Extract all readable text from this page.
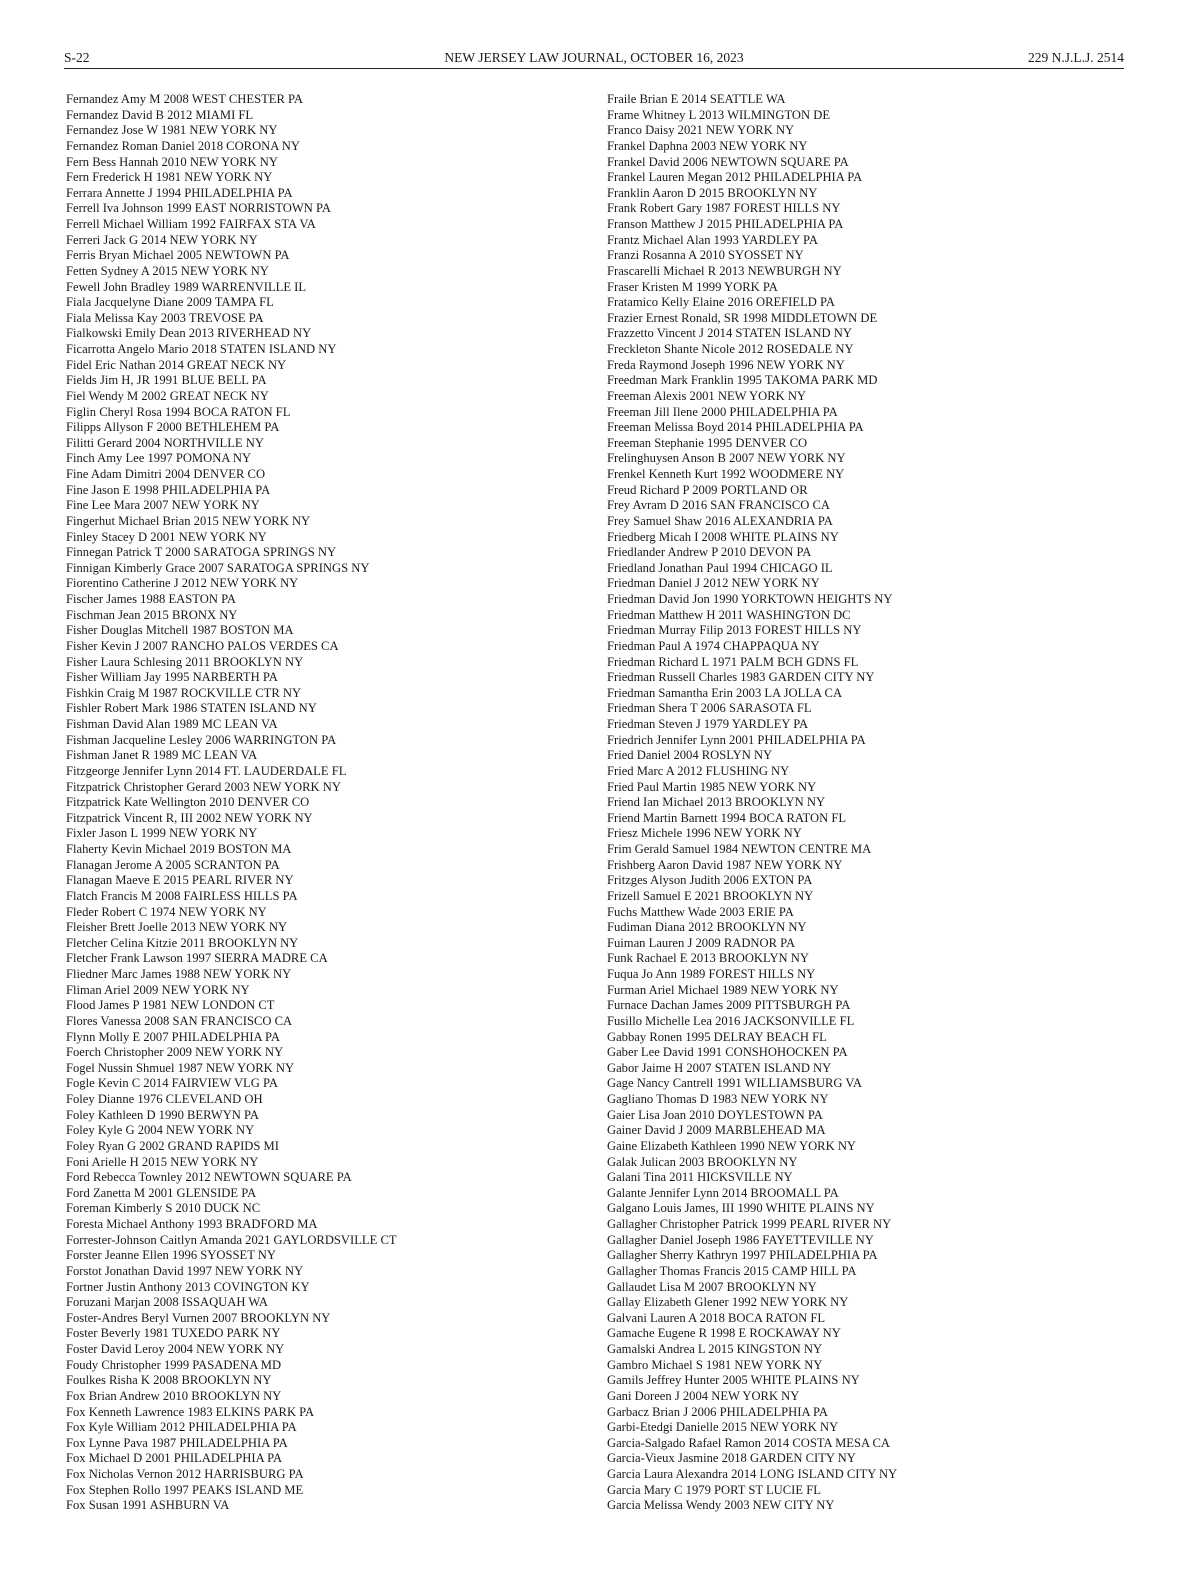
NEW JERSEY LAW JOURNAL, OCTOBER 16, 2023
S-22	229 N.J.L.J. 2514
Fernandez Amy M 2008 WEST CHESTER PA
Fernandez David B 2012 MIAMI FL
Fernandez Jose W 1981 NEW YORK NY
Fernandez Roman Daniel 2018 CORONA NY
Fern Bess Hannah 2010 NEW YORK NY
Fern Frederick H 1981 NEW YORK NY
Ferrara Annette J 1994 PHILADELPHIA PA
Ferrell Iva Johnson 1999 EAST NORRISTOWN PA
Ferrell Michael William 1992 FAIRFAX STA VA
Ferreri Jack G 2014 NEW YORK NY
Ferris Bryan Michael 2005 NEWTOWN PA
Fetten Sydney A 2015 NEW YORK NY
Fewell John Bradley 1989 WARRENVILLE IL
Fiala Jacquelyne Diane 2009 TAMPA FL
Fiala Melissa Kay 2003 TREVOSE PA
Fialkowski Emily Dean 2013 RIVERHEAD NY
Ficarrotta Angelo Mario 2018 STATEN ISLAND NY
Fidel Eric Nathan 2014 GREAT NECK NY
Fields Jim H, JR 1991 BLUE BELL PA
Fiel Wendy M 2002 GREAT NECK NY
Figlin Cheryl Rosa 1994 BOCA RATON FL
Filipps Allyson F 2000 BETHLEHEM PA
Filitti Gerard 2004 NORTHVILLE NY
Finch Amy Lee 1997 POMONA NY
Fine Adam Dimitri 2004 DENVER CO
Fine Jason E 1998 PHILADELPHIA PA
Fine Lee Mara 2007 NEW YORK NY
Fingerhut Michael Brian 2015 NEW YORK NY
Finley Stacey D 2001 NEW YORK NY
Finnegan Patrick T 2000 SARATOGA SPRINGS NY
Finnigan Kimberly Grace 2007 SARATOGA SPRINGS NY
Fiorentino Catherine J 2012 NEW YORK NY
Fischer James 1988 EASTON PA
Fischman Jean 2015 BRONX NY
Fisher Douglas Mitchell 1987 BOSTON MA
Fisher Kevin J 2007 RANCHO PALOS VERDES CA
Fisher Laura Schlesing 2011 BROOKLYN NY
Fisher William Jay 1995 NARBERTH PA
Fishkin Craig M 1987 ROCKVILLE CTR NY
Fishler Robert Mark 1986 STATEN ISLAND NY
Fishman David Alan 1989 MC LEAN VA
Fishman Jacqueline Lesley 2006 WARRINGTON PA
Fishman Janet R 1989 MC LEAN VA
Fitzgeorge Jennifer Lynn 2014 FT. LAUDERDALE FL
Fitzpatrick Christopher Gerard 2003 NEW YORK NY
Fitzpatrick Kate Wellington 2010 DENVER CO
Fitzpatrick Vincent R, III 2002 NEW YORK NY
Fixler Jason L 1999 NEW YORK NY
Flaherty Kevin Michael 2019 BOSTON MA
Flanagan Jerome A 2005 SCRANTON PA
Flanagan Maeve E 2015 PEARL RIVER NY
Flatch Francis M 2008 FAIRLESS HILLS PA
Fleder Robert C 1974 NEW YORK NY
Fleisher Brett Joelle 2013 NEW YORK NY
Fletcher Celina Kitzie 2011 BROOKLYN NY
Fletcher Frank Lawson 1997 SIERRA MADRE CA
Fliedner Marc James 1988 NEW YORK NY
Fliman Ariel 2009 NEW YORK NY
Flood James P 1981 NEW LONDON CT
Flores Vanessa 2008 SAN FRANCISCO CA
Flynn Molly E 2007 PHILADELPHIA PA
Foerch Christopher 2009 NEW YORK NY
Fogel Nussin Shmuel 1987 NEW YORK NY
Fogle Kevin C 2014 FAIRVIEW VLG PA
Foley Dianne 1976 CLEVELAND OH
Foley Kathleen D 1990 BERWYN PA
Foley Kyle G 2004 NEW YORK NY
Foley Ryan G 2002 GRAND RAPIDS MI
Foni Arielle H 2015 NEW YORK NY
Ford Rebecca Townley 2012 NEWTOWN SQUARE PA
Ford Zanetta M 2001 GLENSIDE PA
Foreman Kimberly S 2010 DUCK NC
Foresta Michael Anthony 1993 BRADFORD MA
Forrester-Johnson Caitlyn Amanda 2021 GAYLORDSVILLE CT
Forster Jeanne Ellen 1996 SYOSSET NY
Forstot Jonathan David 1997 NEW YORK NY
Fortner Justin Anthony 2013 COVINGTON KY
Foruzani Marjan 2008 ISSAQUAH WA
Foster-Andres Beryl Vurnen 2007 BROOKLYN NY
Foster Beverly 1981 TUXEDO PARK NY
Foster David Leroy 2004 NEW YORK NY
Foudy Christopher 1999 PASADENA MD
Foulkes Risha K 2008 BROOKLYN NY
Fox Brian Andrew 2010 BROOKLYN NY
Fox Kenneth Lawrence 1983 ELKINS PARK PA
Fox Kyle William 2012 PHILADELPHIA PA
Fox Lynne Pava 1987 PHILADELPHIA PA
Fox Michael D 2001 PHILADELPHIA PA
Fox Nicholas Vernon 2012 HARRISBURG PA
Fox Stephen Rollo 1997 PEAKS ISLAND ME
Fox Susan 1991 ASHBURN VA
Fraile Brian E 2014 SEATTLE WA
Frame Whitney L 2013 WILMINGTON DE
Franco Daisy 2021 NEW YORK NY
Frankel Daphna 2003 NEW YORK NY
Frankel David 2006 NEWTOWN SQUARE PA
Frankel Lauren Megan 2012 PHILADELPHIA PA
Franklin Aaron D 2015 BROOKLYN NY
Frank Robert Gary 1987 FOREST HILLS NY
Franson Matthew J 2015 PHILADELPHIA PA
Frantz Michael Alan 1993 YARDLEY PA
Franzi Rosanna A 2010 SYOSSET NY
Frascarelli Michael R 2013 NEWBURGH NY
Fraser Kristen M 1999 YORK PA
Fratamico Kelly Elaine 2016 OREFIELD PA
Frazier Ernest Ronald, SR 1998 MIDDLETOWN DE
Frazzetto Vincent J 2014 STATEN ISLAND NY
Freckleton Shante Nicole 2012 ROSEDALE NY
Freda Raymond Joseph 1996 NEW YORK NY
Freedman Mark Franklin 1995 TAKOMA PARK MD
Freeman Alexis 2001 NEW YORK NY
Freeman Jill Ilene 2000 PHILADELPHIA PA
Freeman Melissa Boyd 2014 PHILADELPHIA PA
Freeman Stephanie 1995 DENVER CO
Frelinghuysen Anson B 2007 NEW YORK NY
Frenkel Kenneth Kurt 1992 WOODMERE NY
Freud Richard P 2009 PORTLAND OR
Frey Avram D 2016 SAN FRANCISCO CA
Frey Samuel Shaw 2016 ALEXANDRIA PA
Friedberg Micah I 2008 WHITE PLAINS NY
Friedlander Andrew P 2010 DEVON PA
Friedland Jonathan Paul 1994 CHICAGO IL
Friedman Daniel J 2012 NEW YORK NY
Friedman David Jon 1990 YORKTOWN HEIGHTS NY
Friedman Matthew H 2011 WASHINGTON DC
Friedman Murray Filip 2013 FOREST HILLS NY
Friedman Paul A 1974 CHAPPAQUA NY
Friedman Richard L 1971 PALM BCH GDNS FL
Friedman Russell Charles 1983 GARDEN CITY NY
Friedman Samantha Erin 2003 LA JOLLA CA
Friedman Shera T 2006 SARASOTA FL
Friedman Steven J 1979 YARDLEY PA
Friedrich Jennifer Lynn 2001 PHILADELPHIA PA
Fried Daniel 2004 ROSLYN NY
Fried Marc A 2012 FLUSHING NY
Fried Paul Martin 1985 NEW YORK NY
Friend Ian Michael 2013 BROOKLYN NY
Friend Martin Barnett 1994 BOCA RATON FL
Friesz Michele 1996 NEW YORK NY
Frim Gerald Samuel 1984 NEWTON CENTRE MA
Frishberg Aaron David 1987 NEW YORK NY
Fritzges Alyson Judith 2006 EXTON PA
Frizell Samuel E 2021 BROOKLYN NY
Fuchs Matthew Wade 2003 ERIE PA
Fudiman Diana 2012 BROOKLYN NY
Fuiman Lauren J 2009 RADNOR PA
Funk Rachael E 2013 BROOKLYN NY
Fuqua Jo Ann 1989 FOREST HILLS NY
Furman Ariel Michael 1989 NEW YORK NY
Furnace Dachan James 2009 PITTSBURGH PA
Fusillo Michelle Lea 2016 JACKSONVILLE FL
Gabbay Ronen 1995 DELRAY BEACH FL
Gaber Lee David 1991 CONSHOHOCKEN PA
Gabor Jaime H 2007 STATEN ISLAND NY
Gage Nancy Cantrell 1991 WILLIAMSBURG VA
Gagliano Thomas D 1983 NEW YORK NY
Gaier Lisa Joan 2010 DOYLESTOWN PA
Gainer David J 2009 MARBLEHEAD MA
Gaine Elizabeth Kathleen 1990 NEW YORK NY
Galak Julican 2003 BROOKLYN NY
Galani Tina 2011 HICKSVILLE NY
Galante Jennifer Lynn 2014 BROOMALL PA
Galgano Louis James, III 1990 WHITE PLAINS NY
Gallagher Christopher Patrick 1999 PEARL RIVER NY
Gallagher Daniel Joseph 1986 FAYETTEVILLE NY
Gallagher Sherry Kathryn 1997 PHILADELPHIA PA
Gallagher Thomas Francis 2015 CAMP HILL PA
Gallaudet Lisa M 2007 BROOKLYN NY
Gallay Elizabeth Glener 1992 NEW YORK NY
Galvani Lauren A 2018 BOCA RATON FL
Gamache Eugene R 1998 E ROCKAWAY NY
Gamalski Andrea L 2015 KINGSTON NY
Gambro Michael S 1981 NEW YORK NY
Gamils Jeffrey Hunter 2005 WHITE PLAINS NY
Gani Doreen J 2004 NEW YORK NY
Garbacz Brian J 2006 PHILADELPHIA PA
Garbi-Etedgi Danielle 2015 NEW YORK NY
Garcia-Salgado Rafael Ramon 2014 COSTA MESA CA
Garcia-Vieux Jasmine 2018 GARDEN CITY NY
Garcia Laura Alexandra 2014 LONG ISLAND CITY NY
Garcia Mary C 1979 PORT ST LUCIE FL
Garcia Melissa Wendy 2003 NEW CITY NY
